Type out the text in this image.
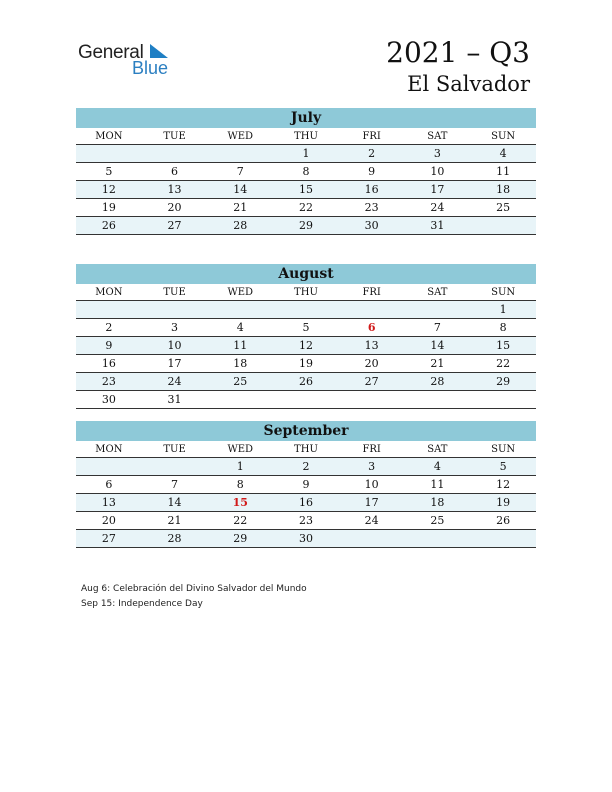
General
Blue	2021 – Q3
El Salvador
July
MON	TUE	WED	THU	FRI	SAT	SUN
			1	2	3	4
5	6	7	8	9	10	11
12	13	14	15	16	17	18
19	20	21	22	23	24	25
26	27	28	29	30	31	
August
MON	TUE	WED	THU	FRI	SAT	SUN
						1
2	3	4	5	6	7	8
9	10	11	12	13	14	15
16	17	18	19	20	21	22
23	24	25	26	27	28	29
30	31					
September
MON	TUE	WED	THU	FRI	SAT	SUN
		1	2	3	4	5
6	7	8	9	10	11	12
13	14	15	16	17	18	19
20	21	22	23	24	25	26
27	28	29	30			
Aug 6: Celebración del Divino Salvador del Mundo
Sep 15: Independence Day
